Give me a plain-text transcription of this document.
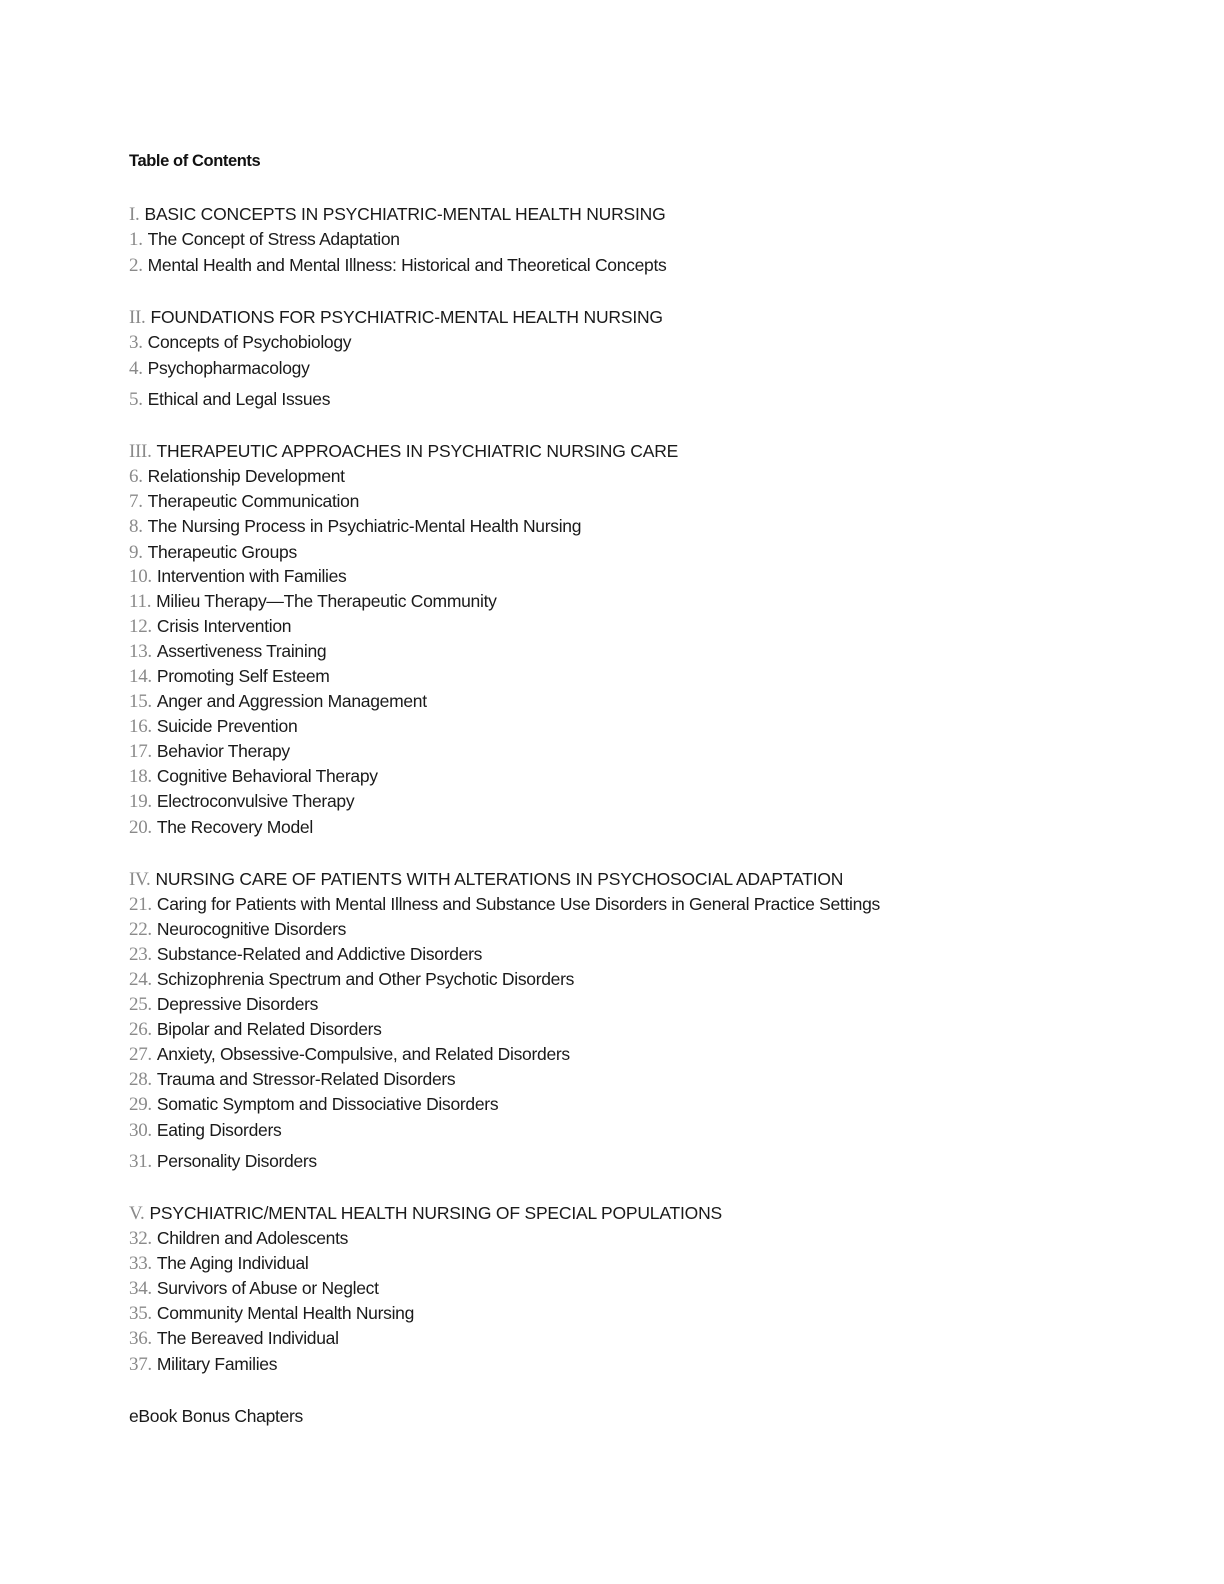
Table of Contents
I. BASIC CONCEPTS IN PSYCHIATRIC-MENTAL HEALTH NURSING
1. The Concept of Stress Adaptation
2. Mental Health and Mental Illness: Historical and Theoretical Concepts
II. FOUNDATIONS FOR PSYCHIATRIC-MENTAL HEALTH NURSING
3. Concepts of Psychobiology
4. Psychopharmacology
5. Ethical and Legal Issues
III. THERAPEUTIC APPROACHES IN PSYCHIATRIC NURSING CARE
6. Relationship Development
7. Therapeutic Communication
8. The Nursing Process in Psychiatric-Mental Health Nursing
9. Therapeutic Groups
10. Intervention with Families
11. Milieu Therapy—The Therapeutic Community
12. Crisis Intervention
13. Assertiveness Training
14. Promoting Self Esteem
15. Anger and Aggression Management
16. Suicide Prevention
17. Behavior Therapy
18. Cognitive Behavioral Therapy
19. Electroconvulsive Therapy
20. The Recovery Model
IV. NURSING CARE OF PATIENTS WITH ALTERATIONS IN PSYCHOSOCIAL ADAPTATION
21. Caring for Patients with Mental Illness and Substance Use Disorders in General Practice Settings
22. Neurocognitive Disorders
23. Substance-Related and Addictive Disorders
24. Schizophrenia Spectrum and Other Psychotic Disorders
25. Depressive Disorders
26. Bipolar and Related Disorders
27. Anxiety, Obsessive-Compulsive, and Related Disorders
28. Trauma and Stressor-Related Disorders
29. Somatic Symptom and Dissociative Disorders
30. Eating Disorders
31. Personality Disorders
V. PSYCHIATRIC/MENTAL HEALTH NURSING OF SPECIAL POPULATIONS
32. Children and Adolescents
33. The Aging Individual
34. Survivors of Abuse or Neglect
35. Community Mental Health Nursing
36. The Bereaved Individual
37. Military Families
eBook Bonus Chapters
